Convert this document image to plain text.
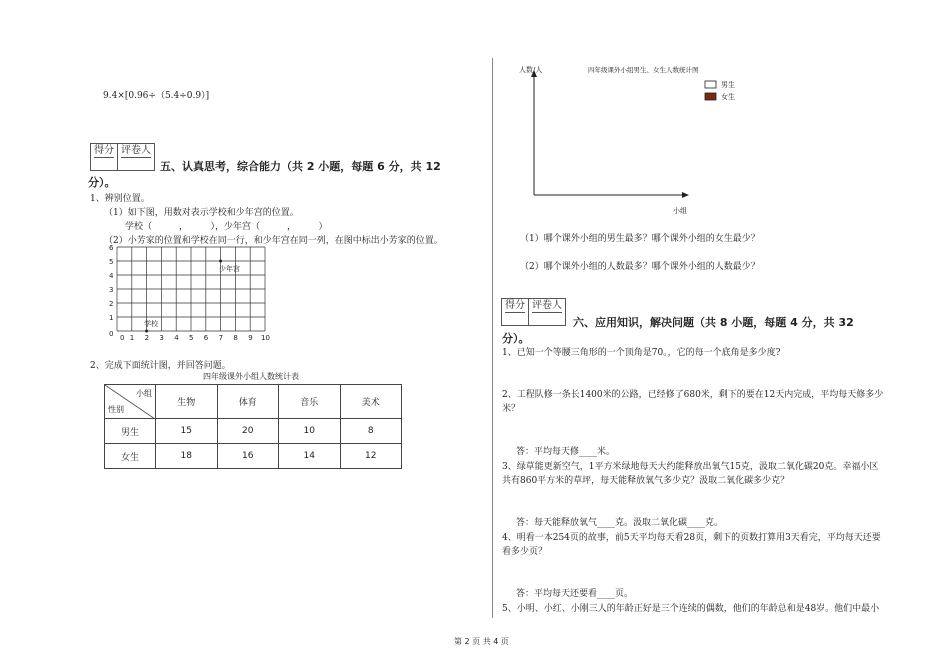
9.4×[0.96÷（5.4÷0.9）]
得分 评卷人
五、认真思考，综合能力（共 2 小题，每题 6 分，共 12
分）。
1、辨别位置。
（1）如下图，用数对表示学校和少年宫的位置。
学校（　　　，　　　），少年宫（　　　，　　　）
（2）小芳家的位置和学校在同一行，和少年宫在同一列，在图中标出小芳家的位置。
6
5
4
3
2
1
0 0 1 2 3 4 5 6 7 8 9 10
学校
少年宫
2、完成下面统计图，并回答问题。
四年级课外小组人数统计表
小组
性别	生物	体育	音乐	美术
男生	15	20	10	8
女生	18	16	14	12
人数/人	四年级课外小组男生、女生人数统计图
小组
男生
女生
（1）哪个课外小组的男生最多？哪个课外小组的女生最少？
（2）哪个课外小组的人数最多？哪个课外小组的人数最少？
得分 评卷人
六、应用知识，解决问题（共 8 小题，每题 4 分，共 32
分）。
1、已知一个等腰三角形的一个顶角是70。，它的每一个底角是多少度?
2、工程队修一条长1400米的公路，已经修了680米，剩下的要在12天内完成，平均每天修多少
米？
答：平均每天修____米。
3、绿草能更新空气，1平方米绿地每天大约能释放出氧气15克，汲取二氧化碳20克。幸福小区
共有860平方米的草坪，每天能释放氧气多少克？汲取二氧化碳多少克？
答：每天能释放氧气____克。汲取二氧化碳____克。
4、明看一本254页的故事，前5天平均每天看28页，剩下的页数打算用3天看完，平均每天还要
看多少页？
答：平均每天还要看____页。
5、小明、小红、小刚三人的年龄正好是三个连续的偶数，他们的年龄总和是48岁。他们中最小
第 2 页 共 4 页
